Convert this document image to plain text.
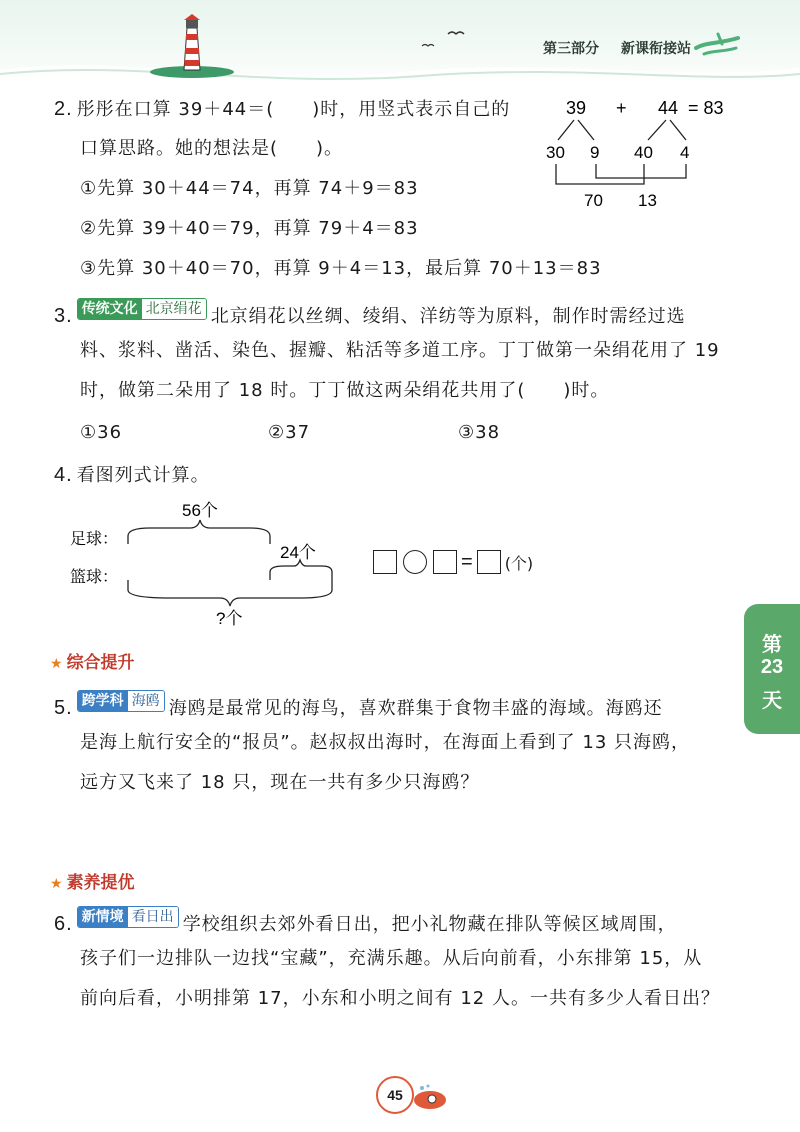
第三部分 新课衔接站
2. 彤彤在口算 39＋44＝(　　)时，用竖式表示自己的
口算思路。她的想法是(　　)。
①先算 30＋44＝74，再算 74＋9＝83
②先算 39＋40＝79，再算 79＋4＝83
③先算 30＋40＝70，再算 9＋4＝13，最后算 70＋13＝83
39 + 44 = 83
30 9 40 4
70 13
3. 传统文化 北京绢花 北京绢花以丝绸、绫绢、洋纺等为原料，制作时需经过选
料、浆料、凿活、染色、握瓣、粘活等多道工序。丁丁做第一朵绢花用了 19
时，做第二朵用了 18 时。丁丁做这两朵绢花共用了(　　)时。
①36	②37	③38
4. 看图列式计算。
56个
足球：
24个
篮球：
?个
= (个)
★ 综合提升
5. 跨学科 海鸥 海鸥是最常见的海鸟，喜欢群集于食物丰盛的海域。海鸥还
是海上航行安全的“报员”。赵叔叔出海时，在海面上看到了 13 只海鸥，
远方又飞来了 18 只，现在一共有多少只海鸥？
★ 素养提优
6. 新情境 看日出 学校组织去郊外看日出，把小礼物藏在排队等候区域周围，
孩子们一边排队一边找“宝藏”，充满乐趣。从后向前看，小东排第 15，从
前向后看，小明排第 17，小东和小明之间有 12 人。一共有多少人看日出？
第
23
天
45
